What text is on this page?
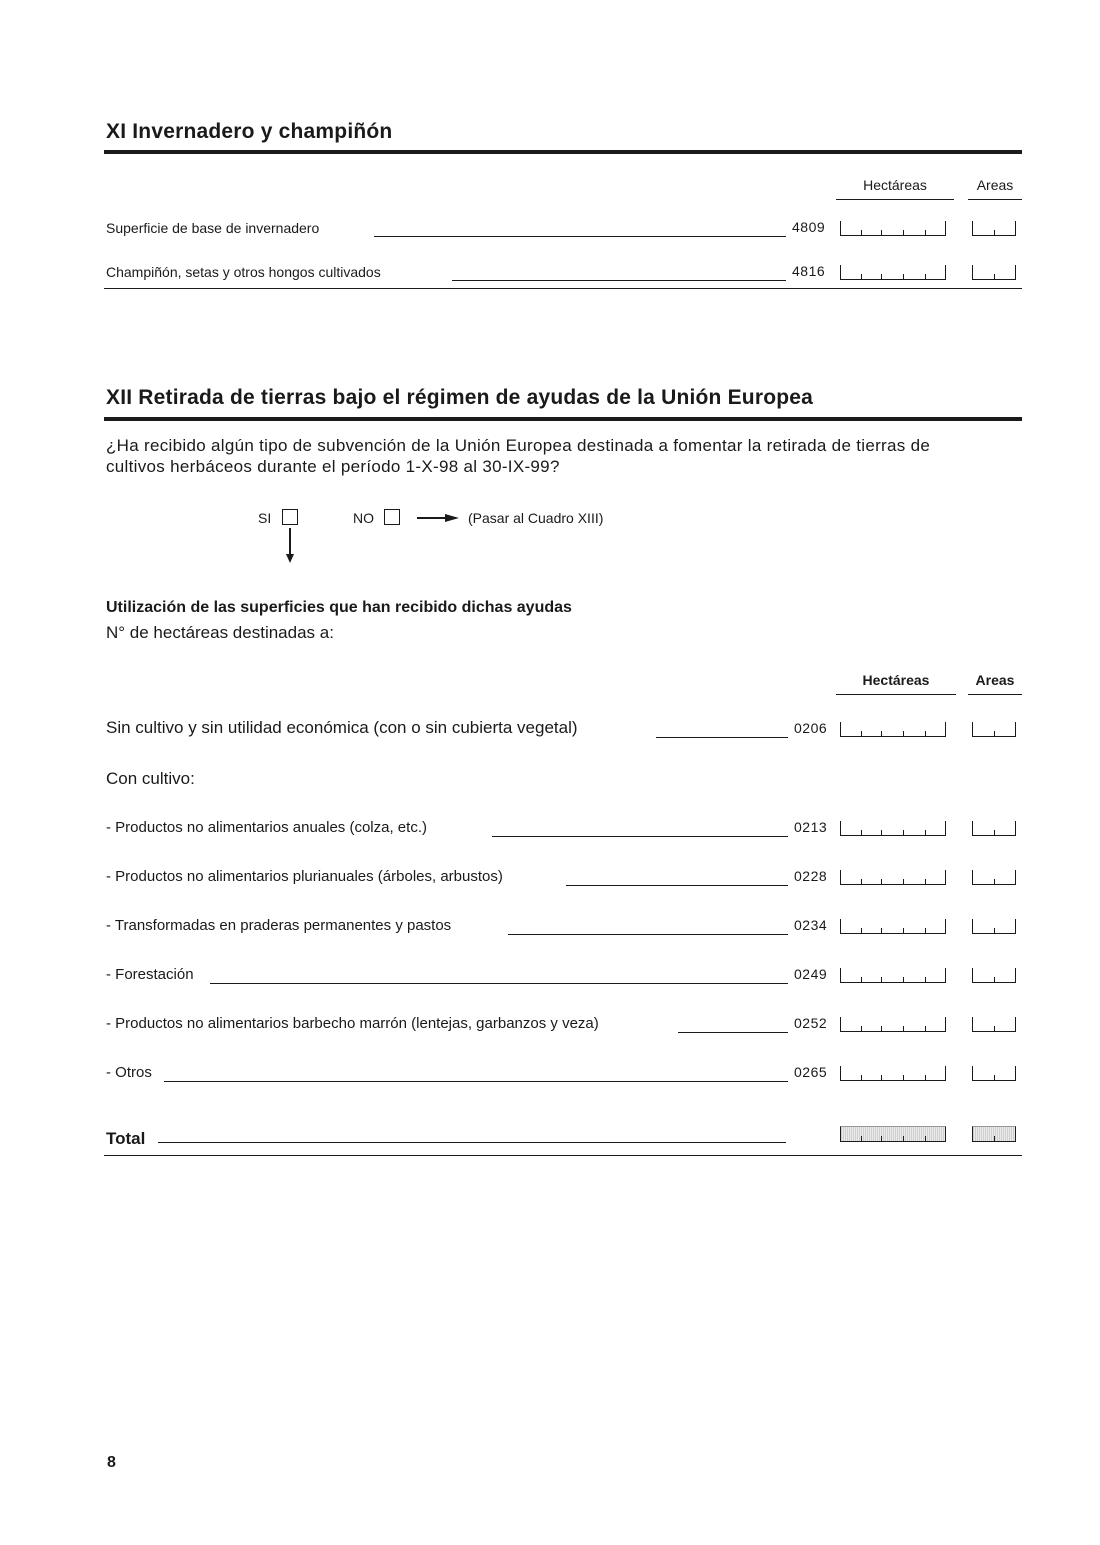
XI Invernadero y champiñón
Hectáreas	Areas
Superficie de base de invernadero	4809
Champiñón, setas y otros hongos cultivados	4816
XII Retirada de tierras bajo el régimen de ayudas de la Unión Europea
¿Ha recibido algún tipo de subvención de la Unión Europea destinada a fomentar la retirada de tierras de
cultivos herbáceos durante el período 1-X-98 al 30-IX-99?
SI	NO	(Pasar al Cuadro XIII)
Utilización de las superficies que han recibido dichas ayudas
N° de hectáreas destinadas a:
Hectáreas	Areas
Sin cultivo y sin utilidad económica (con o sin cubierta vegetal)	0206
- Productos no alimentarios anuales (colza, etc.)	0213
- Productos no alimentarios plurianuales (árboles, arbustos)	0228
- Transformadas en praderas permanentes y pastos	0234
- Forestación	0249
- Productos no alimentarios barbecho marrón (lentejas, garbanzos y veza)	0252
- Otros	0265
Con cultivo:
Total
8
